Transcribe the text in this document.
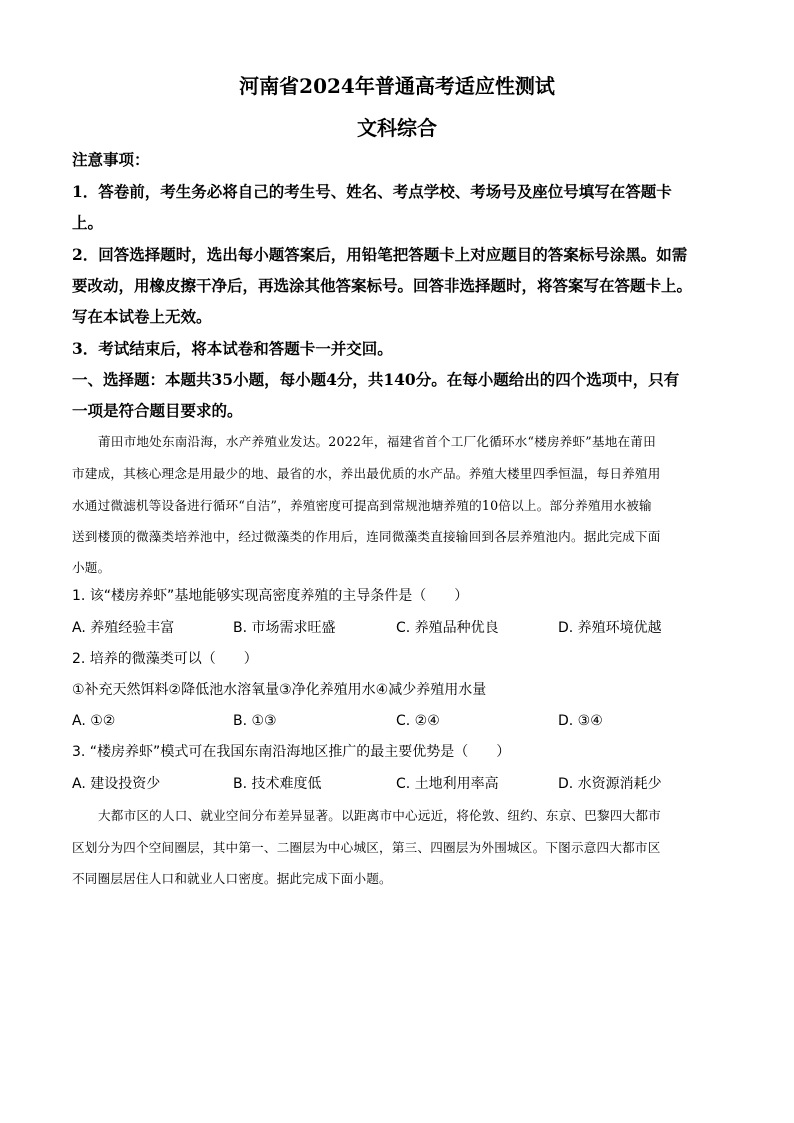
河南省2024年普通高考适应性测试
文科综合
注意事项：
1．答卷前，考生务必将自己的考生号、姓名、考点学校、考场号及座位号填写在答题卡
上。
2．回答选择题时，选出每小题答案后，用铅笔把答题卡上对应题目的答案标号涂黑。如需
要改动，用橡皮擦干净后，再选涂其他答案标号。回答非选择题时，将答案写在答题卡上。
写在本试卷上无效。
3．考试结束后，将本试卷和答题卡一并交回。
一、选择题：本题共35小题，每小题4分，共140分。在每小题给出的四个选项中，只有
一项是符合题目要求的。
莆田市地处东南沿海，水产养殖业发达。2022年，福建省首个工厂化循环水“楼房养虾”基地在莆田
市建成，其核心理念是用最少的地、最省的水，养出最优质的水产品。养殖大楼里四季恒温，每日养殖用
水通过微滤机等设备进行循环“自洁”，养殖密度可提高到常规池塘养殖的10倍以上。部分养殖用水被输
送到楼顶的微藻类培养池中，经过微藻类的作用后，连同微藻类直接输回到各层养殖池内。据此完成下面
小题。
1. 该“楼房养虾”基地能够实现高密度养殖的主导条件是（　　）
A. 养殖经验丰富	B. 市场需求旺盛	C. 养殖品种优良	D. 养殖环境优越
2. 培养的微藻类可以（　　）
①补充天然饵料②降低池水溶氧量③净化养殖用水④减少养殖用水量
A. ①②	B. ①③	C. ②④	D. ③④
3. “楼房养虾”模式可在我国东南沿海地区推广的最主要优势是（　　）
A. 建设投资少	B. 技术难度低	C. 土地利用率高	D. 水资源消耗少
大都市区的人口、就业空间分布差异显著。以距离市中心远近，将伦敦、纽约、东京、巴黎四大都市
区划分为四个空间圈层，其中第一、二圈层为中心城区，第三、四圈层为外围城区。下图示意四大都市区
不同圈层居住人口和就业人口密度。据此完成下面小题。
